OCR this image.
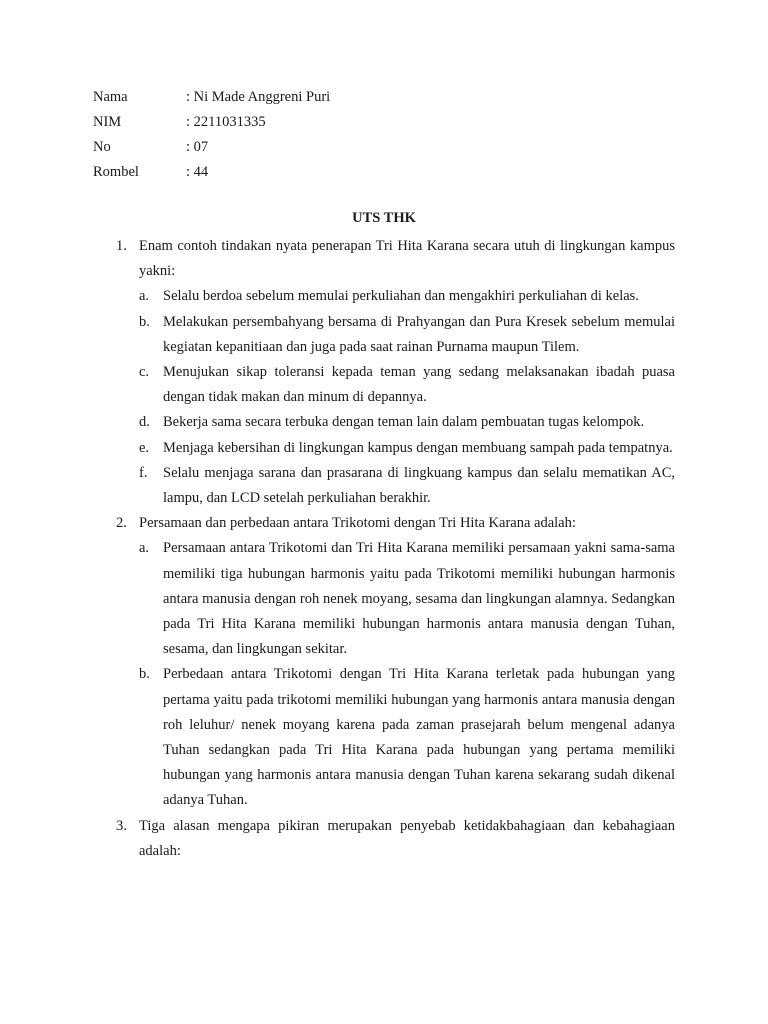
Nama	: Ni Made Anggreni Puri
NIM	: 2211031335
No	: 07
Rombel	: 44
UTS THK
1. Enam contoh tindakan nyata penerapan Tri Hita Karana secara utuh di lingkungan kampus yakni:
a. Selalu berdoa sebelum memulai perkuliahan dan mengakhiri perkuliahan di kelas.
b. Melakukan persembahyang bersama di Prahyangan dan Pura Kresek sebelum memulai kegiatan kepanitiaan dan juga pada saat rainan Purnama maupun Tilem.
c. Menujukan sikap toleransi kepada teman yang sedang melaksanakan ibadah puasa dengan tidak makan dan minum di depannya.
d. Bekerja sama secara terbuka dengan teman lain dalam pembuatan tugas kelompok.
e. Menjaga kebersihan di lingkungan kampus dengan membuang sampah pada tempatnya.
f. Selalu menjaga sarana dan prasarana di lingkuang kampus dan selalu mematikan AC, lampu, dan LCD setelah perkuliahan berakhir.
2. Persamaan dan perbedaan antara Trikotomi dengan Tri Hita Karana adalah:
a. Persamaan antara Trikotomi dan Tri Hita Karana memiliki persamaan yakni sama-sama memiliki tiga hubungan harmonis yaitu pada Trikotomi memiliki hubungan harmonis antara manusia dengan roh nenek moyang, sesama dan lingkungan alamnya. Sedangkan pada Tri Hita Karana memiliki hubungan harmonis antara manusia dengan Tuhan, sesama, dan lingkungan sekitar.
b. Perbedaan antara Trikotomi dengan Tri Hita Karana terletak pada hubungan yang pertama yaitu pada trikotomi memiliki hubungan yang harmonis antara manusia dengan roh leluhur/ nenek moyang karena pada zaman prasejarah belum mengenal adanya Tuhan sedangkan pada Tri Hita Karana pada hubungan yang pertama memiliki hubungan yang harmonis antara manusia dengan Tuhan karena sekarang sudah dikenal adanya Tuhan.
3. Tiga alasan mengapa pikiran merupakan penyebab ketidakbahagiaan dan kebahagiaan adalah:
